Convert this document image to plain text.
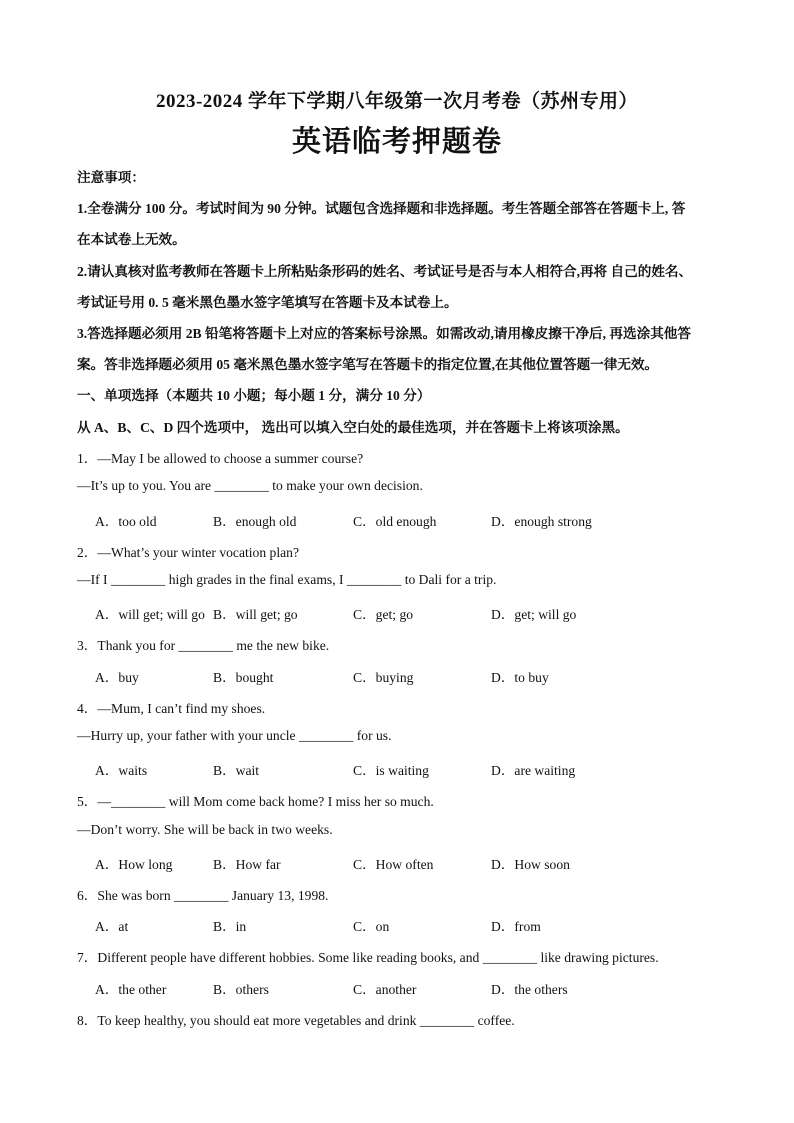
2023-2024 学年下学期八年级第一次月考卷（苏州专用）
英语临考押题卷
注意事项：
1.全卷满分 100 分。考试时间为 90 分钟。试题包含选择题和非选择题。考生答题全部答在答题卡上, 答
在本试卷上无效。
2.请认真核对监考教师在答题卡上所粘贴条形码的姓名、考试证号是否与本人相符合,再将 自己的姓名、
考试证号用 0. 5 毫米黑色墨水签字笔填写在答题卡及本试卷上。
3.答选择题必须用 2B 铅笔将答题卡上对应的答案标号涂黑。如需改动,请用橡皮擦干净后, 再选涂其他答
案。答非选择题必须用 05 毫米黑色墨水签字笔写在答题卡的指定位置,在其他位置答题一律无效。
一、单项选择（本题共 10 小题；每小题 1 分，满分 10 分）
从 A、B、C、D 四个选项中， 选出可以填入空白处的最佳选项，并在答题卡上将该项涂黑。
1．—May I be allowed to choose a summer course?
—It’s up to you. You are ________ to make your own decision.
A．too old	B．enough old	C．old enough	D．enough strong
2．—What’s your winter vocation plan?
—If I ________ high grades in the final exams, I ________ to Dali for a trip.
A．will get; will go B．will get; go	C．get; go	D．get; will go
3．Thank you for ________ me the new bike.
A．buy	B．bought	C．buying	D．to buy
4．—Mum, I can’t find my shoes.
—Hurry up, your father with your uncle ________ for us.
A．waits	B．wait	C．is waiting	D．are waiting
5．—________ will Mom come back home? I miss her so much.
—Don’t worry. She will be back in two weeks.
A．How long	B．How far	C．How often	D．How soon
6．She was born ________ January 13, 1998.
A．at	B．in	C．on	D．from
7．Different people have different hobbies. Some like reading books, and ________ like drawing pictures.
A．the other	B．others	C．another	D．the others
8．To keep healthy, you should eat more vegetables and drink ________ coffee.
